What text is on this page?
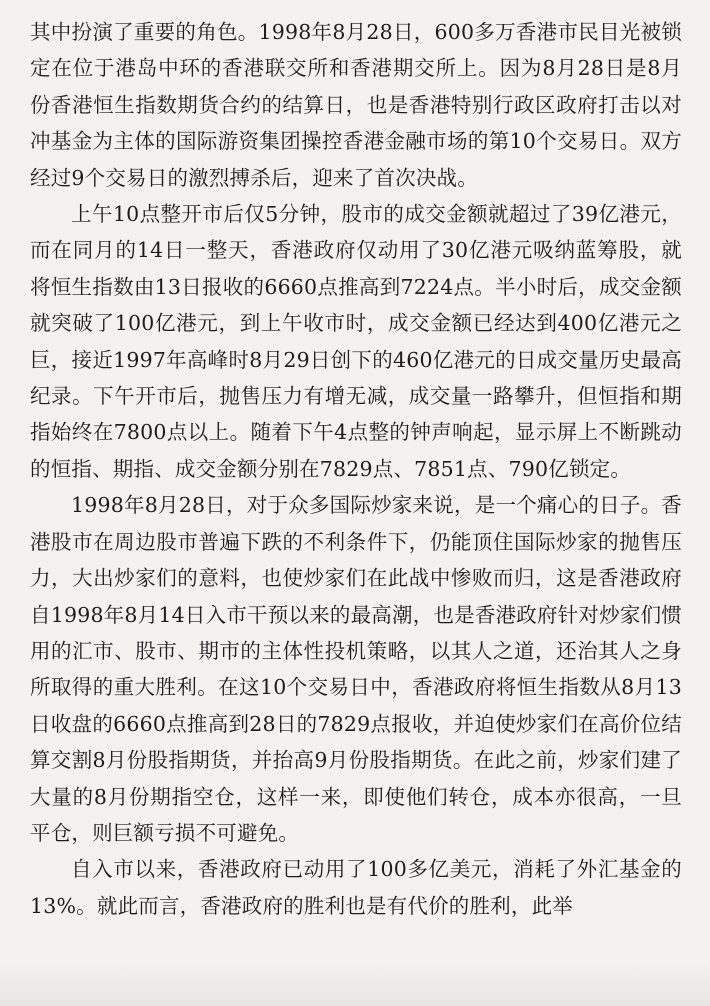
其中扮演了重要的角色。1998年8月28日，600多万香港市民目光被锁定在位于港岛中环的香港联交所和香港期交所上。因为8月28日是8月份香港恒生指数期货合约的结算日，也是香港特别行政区政府打击以对冲基金为主体的国际游资集团操控香港金融市场的第10个交易日。双方经过9个交易日的激烈搏杀后，迎来了首次决战。

上午10点整开市后仅5分钟，股市的成交金额就超过了39亿港元，而在同月的14日一整天，香港政府仅动用了30亿港元吸纳蓝筹股，就将恒生指数由13日报收的6660点推高到7224点。半小时后，成交金额就突破了100亿港元，到上午收市时，成交金额已经达到400亿港元之巨，接近1997年高峰时8月29日创下的460亿港元的日成交量历史最高纪录。下午开市后，抛售压力有增无减，成交量一路攀升，但恒指和期指始终在7800点以上。随着下午4点整的钟声响起，显示屏上不断跳动的恒指、期指、成交金额分别在7829点、7851点、790亿锁定。

1998年8月28日，对于众多国际炒家来说，是一个痛心的日子。香港股市在周边股市普遍下跌的不利条件下，仍能顶住国际炒家的抛售压力，大出炒家们的意料，也使炒家们在此战中惨败而归，这是香港政府自1998年8月14日入市干预以来的最高潮，也是香港政府针对炒家们惯用的汇市、股市、期市的主体性投机策略，以其人之道，还治其人之身所取得的重大胜利。在这10个交易日中，香港政府将恒生指数从8月13日收盘的6660点推高到28日的7829点报收，并迫使炒家们在高价位结算交割8月份股指期货，并抬高9月份股指期货。在此之前，炒家们建了大量的8月份期指空仓，这样一来，即使他们转仓，成本亦很高，一旦平仓，则巨额亏损不可避免。

自入市以来，香港政府已动用了100多亿美元，消耗了外汇基金的13%。就此而言，香港政府的胜利也是有代价的胜利，此举
